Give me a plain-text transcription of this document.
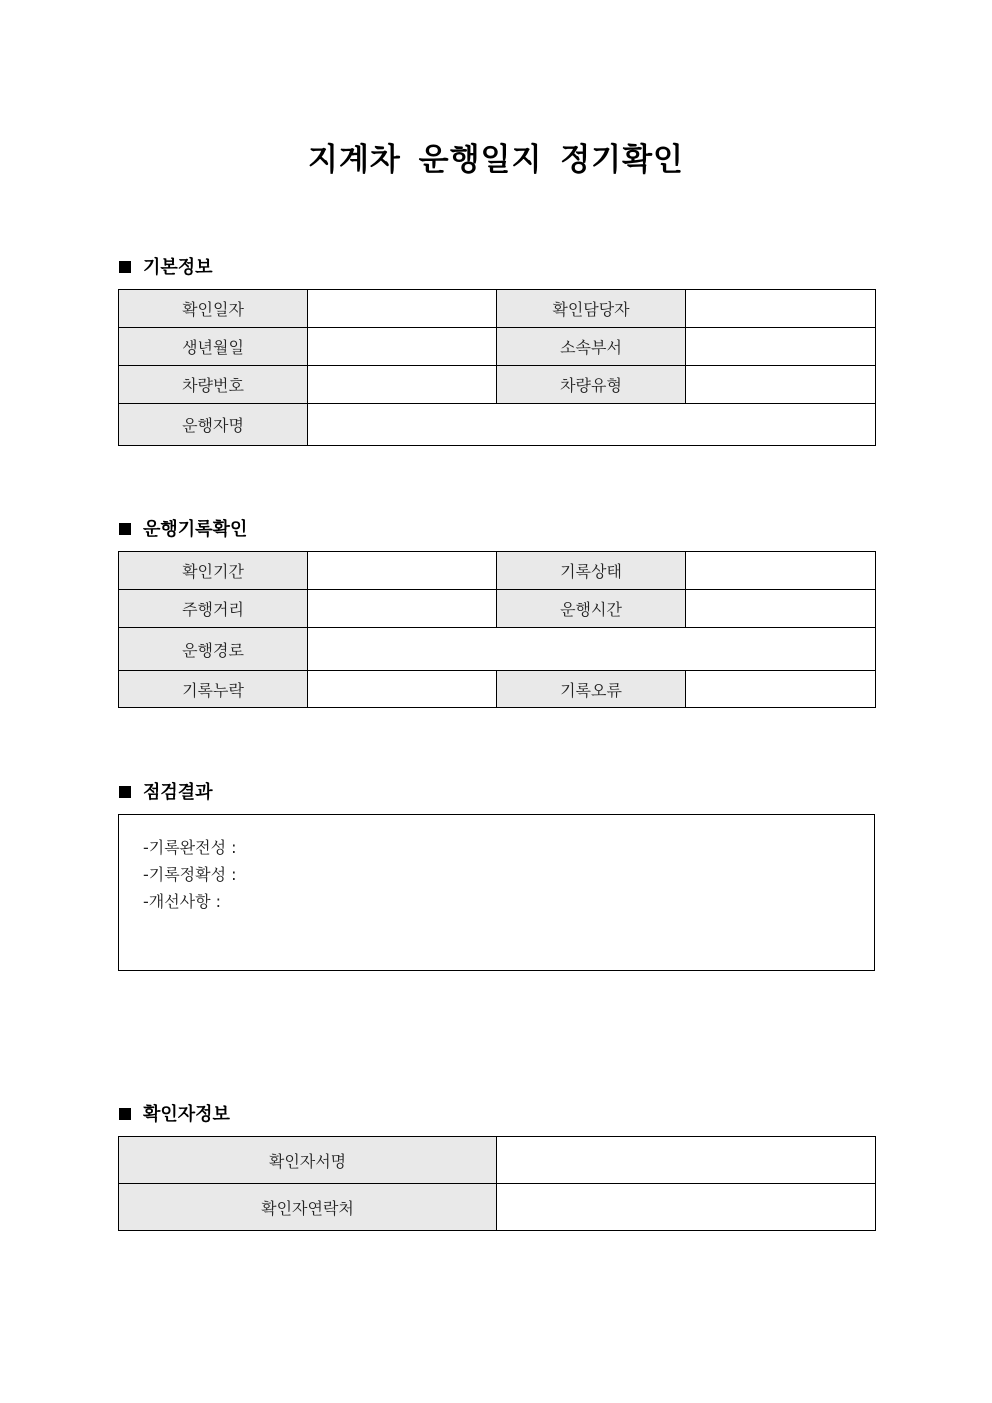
지계차 운행일지 정기확인
기본정보
확인일자		확인담당자	
생년월일		소속부서	
차량번호		차량유형	
운행자명			
운행기록확인
확인기간		기록상태	
주행거리		운행시간	
운행경로			
기록누락		기록오류	
점검결과
-기록완전성 :
-기록정확성 :
-개선사항 :
확인자정보
확인자서명	
확인자연락처	
